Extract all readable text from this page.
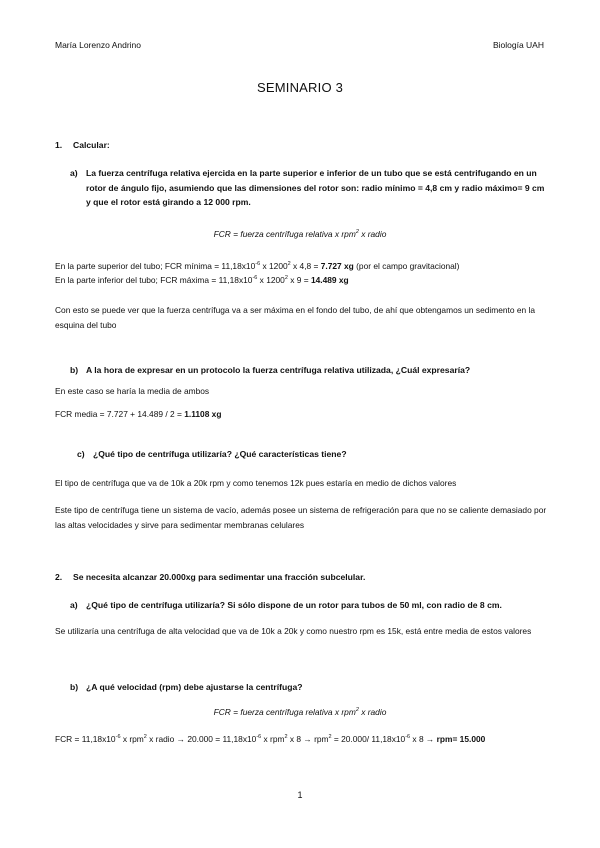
María Lorenzo Andrino	Biología UAH
SEMINARIO 3
1. Calcular:
a) La fuerza centrífuga relativa ejercida en la parte superior e inferior de un tubo que se está centrifugando en un rotor de ángulo fijo, asumiendo que las dimensiones del rotor son: radio mínimo = 4,8 cm y radio máximo= 9 cm y que el rotor está girando a 12 000 rpm.
FCR = fuerza centrífuga relativa x rpm$^2$ x radio
En la parte superior del tubo; FCR mínima = $11,18x10^{-6}$ x 1200$^2$ x 4,8 = 7.727 xg (por el campo gravitacional)
En la parte inferior del tubo; FCR máxima = $11,18x10^{-6}$ x 1200$^2$ x 9 = 14.489 xg
Con esto se puede ver que la fuerza centrífuga va a ser máxima en el fondo del tubo, de ahí que obtengamos un sedimento en la esquina del tubo
b) A la hora de expresar en un protocolo la fuerza centrífuga relativa utilizada, ¿Cuál expresaría?
En este caso se haría la media de ambos
FCR media = 7.727 + 14.489 / 2 = 1.1108 xg
c) ¿Qué tipo de centrífuga utilizaría? ¿Qué características tiene?
El tipo de centrífuga que va de 10k a 20k rpm y como tenemos 12k pues estaría en medio de dichos valores
Este tipo de centrífuga tiene un sistema de vacío, además posee un sistema de refrigeración para que no se caliente demasiado por las altas velocidades y sirve para sedimentar membranas celulares
2. Se necesita alcanzar 20.000xg para sedimentar una fracción subcelular.
a) ¿Qué tipo de centrífuga utilizaría? Si sólo dispone de un rotor para tubos de 50 ml, con radio de 8 cm.
Se utilizaría una centrífuga de alta velocidad que va de 10k a 20k y como nuestro rpm es 15k, está entre media de estos valores
b) ¿A qué velocidad (rpm) debe ajustarse la centrífuga?
FCR = fuerza centrífuga relativa x rpm$^2$ x radio
FCR = $11,18x10^{-6}$ x rpm$^2$ x radio → $20.000 = 11,18x10^{-6}$ x rpm$^2$ x 8 → rpm$^2$ = 20.000/ $11,18x10^{-6}$ x 8 → rpm= 15.000
1
